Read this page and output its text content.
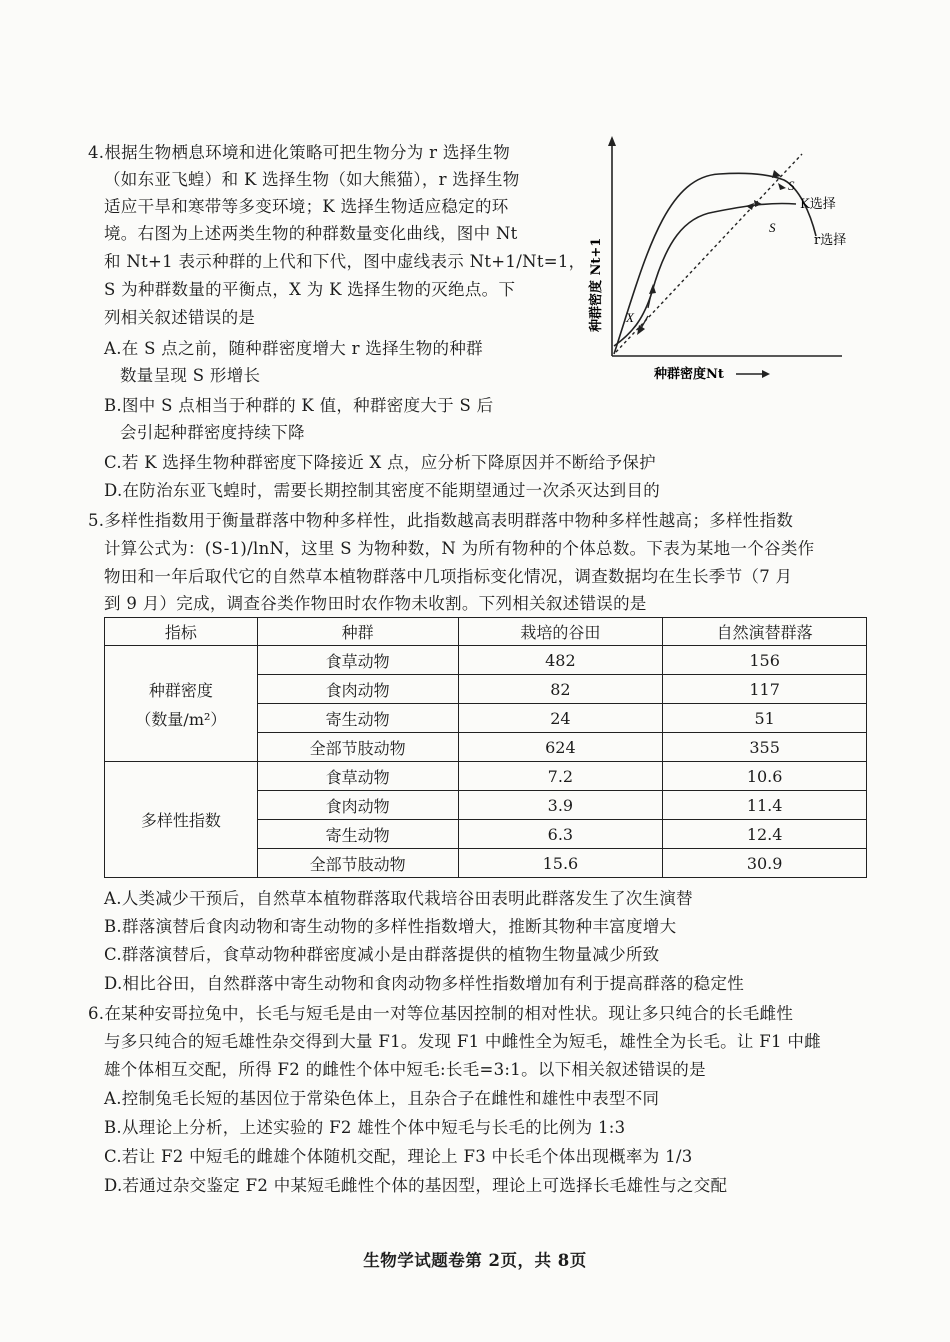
4.根据生物栖息环境和进化策略可把生物分为 r 选择生物
（如东亚飞蝗）和 K 选择生物（如大熊猫），r 选择生物
适应干旱和寒带等多变环境；K 选择生物适应稳定的环
境。右图为上述两类生物的种群数量变化曲线，图中 Nt
和 Nt+1 表示种群的上代和下代，图中虚线表示 Nt+1/Nt=1，
S 为种群数量的平衡点，X 为 K 选择生物的灭绝点。下
列相关叙述错误的是
A.在 S 点之前，随种群密度增大 r 选择生物的种群
数量呈现 S 形增长
B.图中 S 点相当于种群的 K 值，种群密度大于 S 后
会引起种群密度持续下降
C.若 K 选择生物种群密度下降接近 X 点，应分析下降原因并不断给予保护
D.在防治东亚飞蝗时，需要长期控制其密度不能期望通过一次杀灭达到目的
S
S
X
K选择
r选择
种群密度 Nt+1
种群密度Nt
5.多样性指数用于衡量群落中物种多样性，此指数越高表明群落中物种多样性越高；多样性指数
计算公式为：(S-1)/lnN，这里 S 为物种数，N 为所有物种的个体总数。下表为某地一个谷类作
物田和一年后取代它的自然草本植物群落中几项指标变化情况，调查数据均在生长季节（7 月
到 9 月）完成，调查谷类作物田时农作物未收割。下列相关叙述错误的是
指标	种群	栽培的谷田	自然演替群落

种群密度
（数量/m²）	食草动物	482	156
	食肉动物	82	117
	寄生动物	24	51
	全部节肢动物	624	355
多样性指数	食草动物	7.2	10.6
	食肉动物	3.9	11.4
	寄生动物	6.3	12.4
	全部节肢动物	15.6	30.9
A.人类减少干预后，自然草本植物群落取代栽培谷田表明此群落发生了次生演替
B.群落演替后食肉动物和寄生动物的多样性指数增大，推断其物种丰富度增大
C.群落演替后，食草动物种群密度减小是由群落提供的植物生物量减少所致
D.相比谷田，自然群落中寄生动物和食肉动物多样性指数增加有利于提高群落的稳定性
6.在某种安哥拉兔中，长毛与短毛是由一对等位基因控制的相对性状。现让多只纯合的长毛雌性
与多只纯合的短毛雄性杂交得到大量 F1。发现 F1 中雌性全为短毛，雄性全为长毛。让 F1 中雌
雄个体相互交配，所得 F2 的雌性个体中短毛:长毛=3:1。以下相关叙述错误的是
A.控制兔毛长短的基因位于常染色体上，且杂合子在雌性和雄性中表型不同
B.从理论上分析，上述实验的 F2 雄性个体中短毛与长毛的比例为 1:3
C.若让 F2 中短毛的雌雄个体随机交配，理论上 F3 中长毛个体出现概率为 1/3
D.若通过杂交鉴定 F2 中某短毛雌性个体的基因型，理论上可选择长毛雄性与之交配
生物学试题卷第 2页，共 8页
